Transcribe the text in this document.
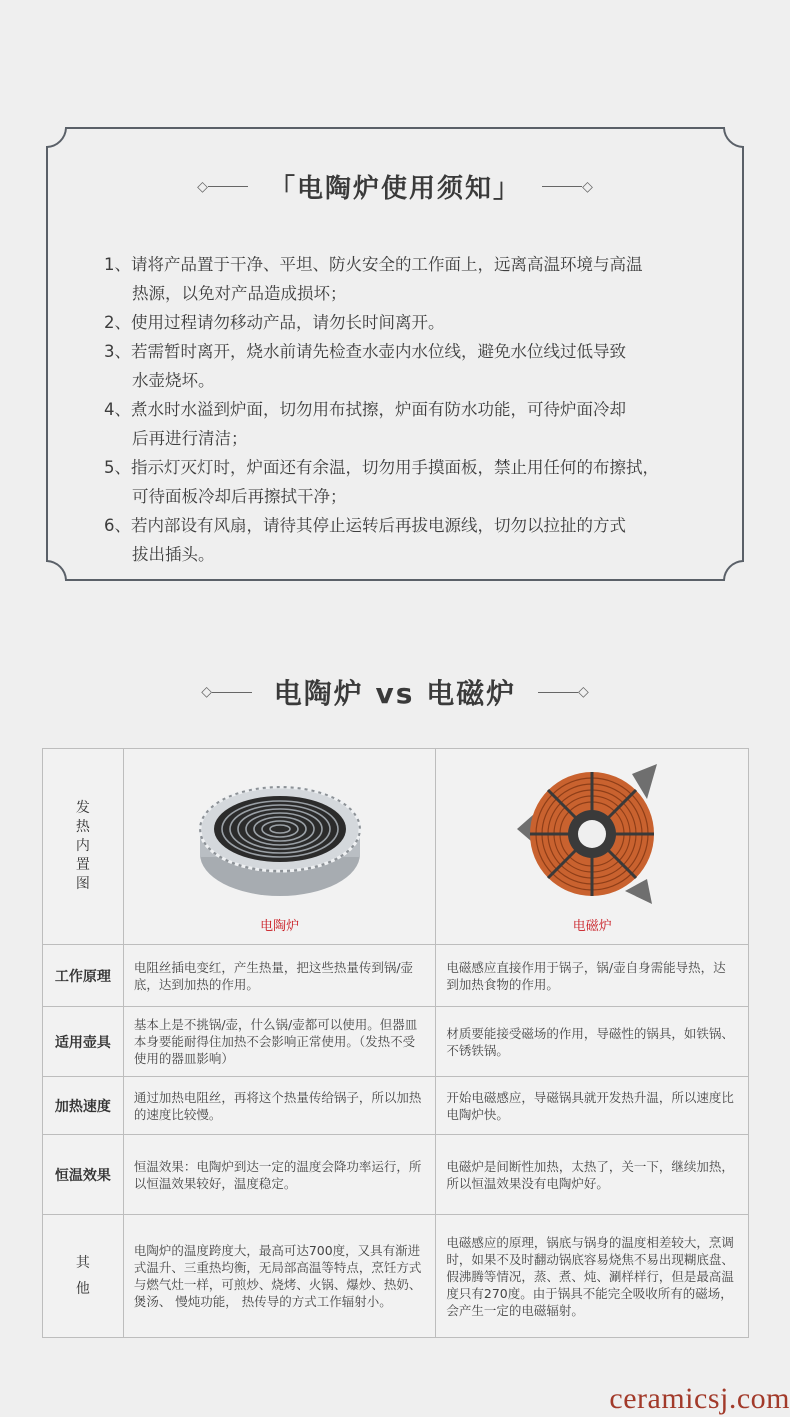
◇ 「电陶炉使用须知」	◇
1、请将产品置于干净、平坦、防火安全的工作面上，远离高温环境与高温
热源，以免对产品造成损坏；
2、使用过程请勿移动产品，请勿长时间离开。
3、若需暂时离开，烧水前请先检查水壶内水位线，避免水位线过低导致
水壶烧坏。
4、煮水时水溢到炉面，切勿用布拭擦，炉面有防水功能，可待炉面冷却
后再进行清洁；
5、指示灯灭灯时，炉面还有余温，切勿用手摸面板，禁止用任何的布擦拭，
可待面板冷却后再擦拭干净；
6、若内部设有风扇，请待其停止运转后再拔电源线，切勿以拉扯的方式
拔出插头。
◇ 电陶炉 vs 电磁炉	◇
发热内置图	电陶炉	电磁炉

工作原理	电阻丝插电变红，产生热量，把这些热量传到锅/壶底，达到加热的作用。	电磁感应直接作用于锅子，锅/壶自身需能导热，达到加热食物的作用。
适用壶具	基本上是不挑锅/壶，什么锅/壶都可以使用。但器皿本身要能耐得住加热不会影响正常使用。（发热不受使用的器皿影响）	材质要能接受磁场的作用，导磁性的锅具，如铁锅、不锈铁锅。
加热速度	通过加热电阻丝，再将这个热量传给锅子，所以加热的速度比较慢。	开始电磁感应，导磁锅具就开发热升温，所以速度比电陶炉快。
恒温效果	恒温效果：电陶炉到达一定的温度会降功率运行，所以恒温效果较好，温度稳定。	电磁炉是间断性加热，太热了，关一下，继续加热，所以恒温效果没有电陶炉好。

其他	电陶炉的温度跨度大，最高可达700度，又具有渐进式温升、三重热均衡，无局部高温等特点，烹饪方式与燃气灶一样，可煎炒、烧烤、火锅、爆炒、热奶、煲汤、 慢炖功能， 热传导的方式工作辐射小。	电磁感应的原理，锅底与锅身的温度相差较大，烹调时，如果不及时翻动锅底容易烧焦不易出现糊底盘、假沸腾等情况，蒸、煮、炖、涮样样行，但是最高温度只有270度。由于锅具不能完全吸收所有的磁场，会产生一定的电磁辐射。
ceramicsj.com
